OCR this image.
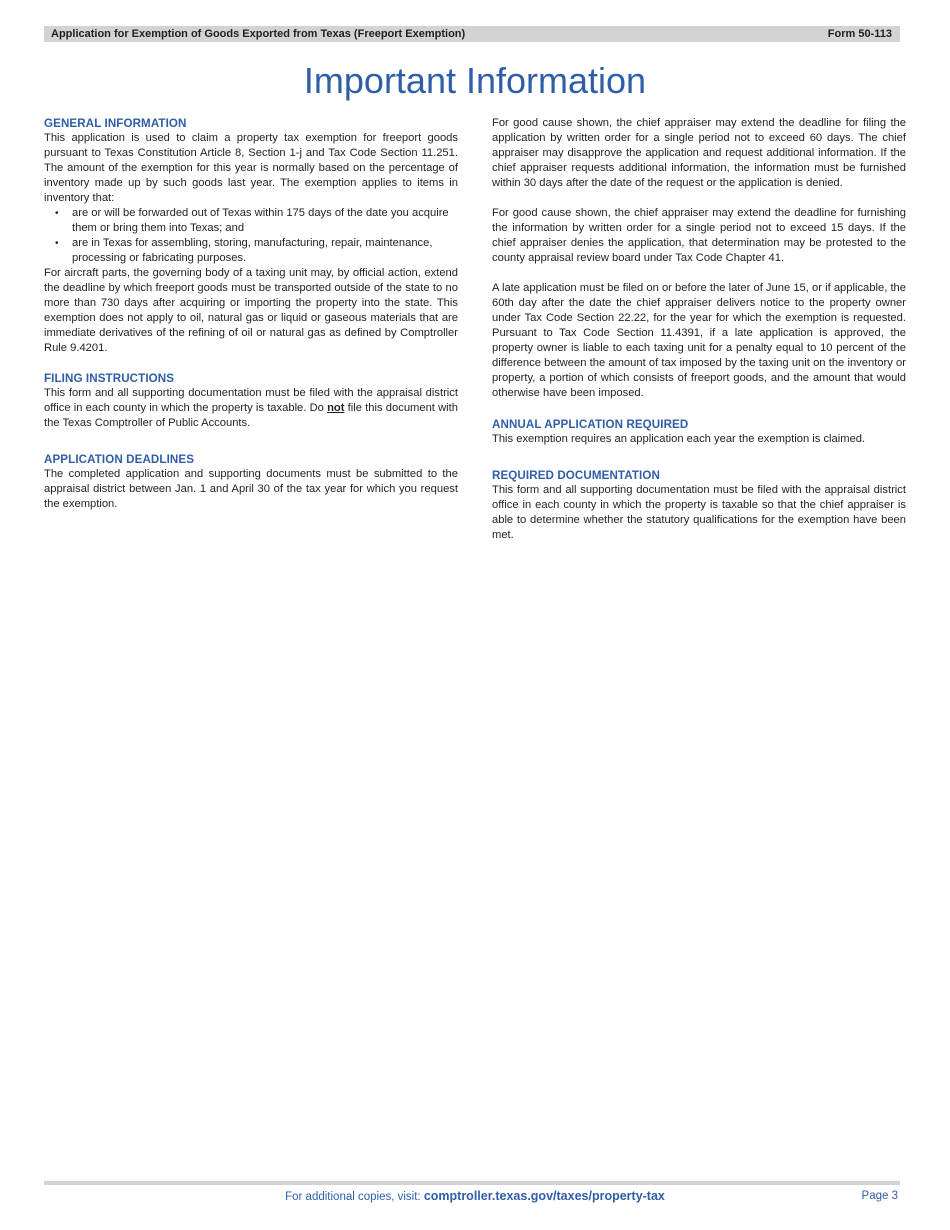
Application for Exemption of Goods Exported from Texas (Freeport Exemption)	Form 50-113
Important Information
GENERAL INFORMATION

This application is used to claim a property tax exemption for freeport goods pursuant to Texas Constitution Article 8, Section 1-j and Tax Code Section 11.251. The amount of the exemption for this year is normally based on the percentage of inventory made up by such goods last year. The exemption applies to items in inventory that:

• are or will be forwarded out of Texas within 175 days of the date you acquire them or bring them into Texas; and
• are in Texas for assembling, storing, manufacturing, repair, maintenance, processing or fabricating purposes.

For aircraft parts, the governing body of a taxing unit may, by official action, extend the deadline by which freeport goods must be transported outside of the state to no more than 730 days after acquiring or importing the property into the state. This exemption does not apply to oil, natural gas or liquid or gaseous materials that are immediate derivatives of the refining of oil or natural gas as defined by Comptroller Rule 9.4201.

FILING INSTRUCTIONS

This form and all supporting documentation must be filed with the appraisal district office in each county in which the property is taxable. Do not file this document with the Texas Comptroller of Public Accounts.

APPLICATION DEADLINES

The completed application and supporting documents must be submitted to the appraisal district between Jan. 1 and April 30 of the tax year for which you request the exemption.

For good cause shown, the chief appraiser may extend the deadline for filing the application by written order for a single period not to exceed 60 days. The chief appraiser may disapprove the application and request additional information. If the chief appraiser requests additional information, the information must be furnished within 30 days after the date of the request or the application is denied.

For good cause shown, the chief appraiser may extend the deadline for furnishing the information by written order for a single period not to exceed 15 days. If the chief appraiser denies the application, that determination may be protested to the county appraisal review board under Tax Code Chapter 41.

A late application must be filed on or before the later of June 15, or if applicable, the 60th day after the date the chief appraiser delivers notice to the property owner under Tax Code Section 22.22, for the year for which the exemption is requested. Pursuant to Tax Code Section 11.4391, if a late application is approved, the property owner is liable to each taxing unit for a penalty equal to 10 percent of the difference between the amount of tax imposed by the taxing unit on the inventory or property, a portion of which consists of freeport goods, and the amount that would otherwise have been imposed.

ANNUAL APPLICATION REQUIRED

This exemption requires an application each year the exemption is claimed.

REQUIRED DOCUMENTATION

This form and all supporting documentation must be filed with the appraisal district office in each county in which the property is taxable so that the chief appraiser is able to determine whether the statutory qualifications for the exemption have been met.

For additional copies, visit: comptroller.texas.gov/taxes/property-tax	Page 3
